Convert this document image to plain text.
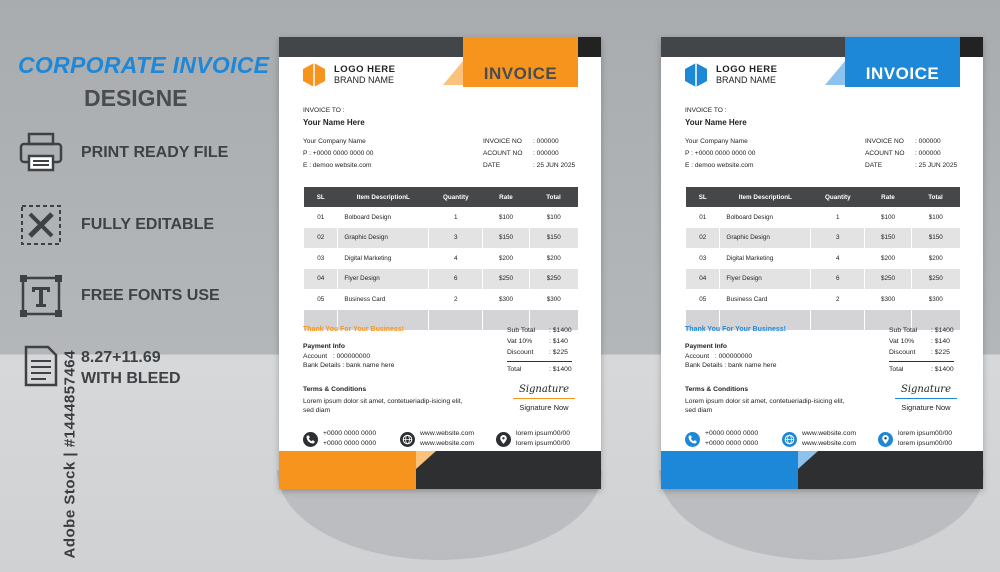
CORPORATE INVOICE
DESIGNE
PRINT READY FILE
FULLY EDITABLE
FREE FONTS USE
8.27+11.69
WITH BLEED
Adobe Stock | #1444857464
INVOICE
LOGO HERE
BRAND NAME
INVOICE TO :
Your Name Here
Your Company Name
P : +0000 0000 0000 00
E : demoo website.com
INVOICE NO : 000000
ACOUNT NO : 000000
DATE	: 25 JUN 2025
SL	Item DescriptionL	Quantity	Rate	Total
01	Bolboard Design	1	$100	$100
02	Graphic Design	3	$150	$150
03	Digital Marketing	4	$200	$200
04	Flyer Design	6	$250	$250
05	Business Card	2	$300	$300

Thank You For Your Business!	Sub Total : $1400
Vat 10% : $140
Discount : $225
Total	: $1400
Payment Info
Account : 000000000
Bank Details : bank name here
Terms & Conditions
Lorem ipsum dolor sit amet, contetueriadip-isicing elit, sed diam
Signature
Signature Now
+0000 0000 0000
+0000 0000 0000
www.website.com
www.website.com
lorem ipsum00/00
lorem ipsum00/00
INVOICE
LOGO HERE
BRAND NAME
INVOICE TO :
Your Name Here
Your Company Name
P : +0000 0000 0000 00
E : demoo website.com
INVOICE NO : 000000
ACOUNT NO : 000000
DATE	: 25 JUN 2025
SL	Item DescriptionL	Quantity	Rate	Total
01	Bolboard Design	1	$100	$100
02	Graphic Design	3	$150	$150
03	Digital Marketing	4	$200	$200
04	Flyer Design	6	$250	$250
05	Business Card	2	$300	$300

Thank You For Your Business!	Sub Total : $1400
Vat 10% : $140
Discount : $225
Total	: $1400
Payment Info
Account : 000000000
Bank Details : bank name here
Terms & Conditions
Lorem ipsum dolor sit amet, contetueriadip-isicing elit, sed diam
Signature
Signature Now
+0000 0000 0000
+0000 0000 0000
www.website.com
www.website.com
lorem ipsum00/00
lorem ipsum00/00
